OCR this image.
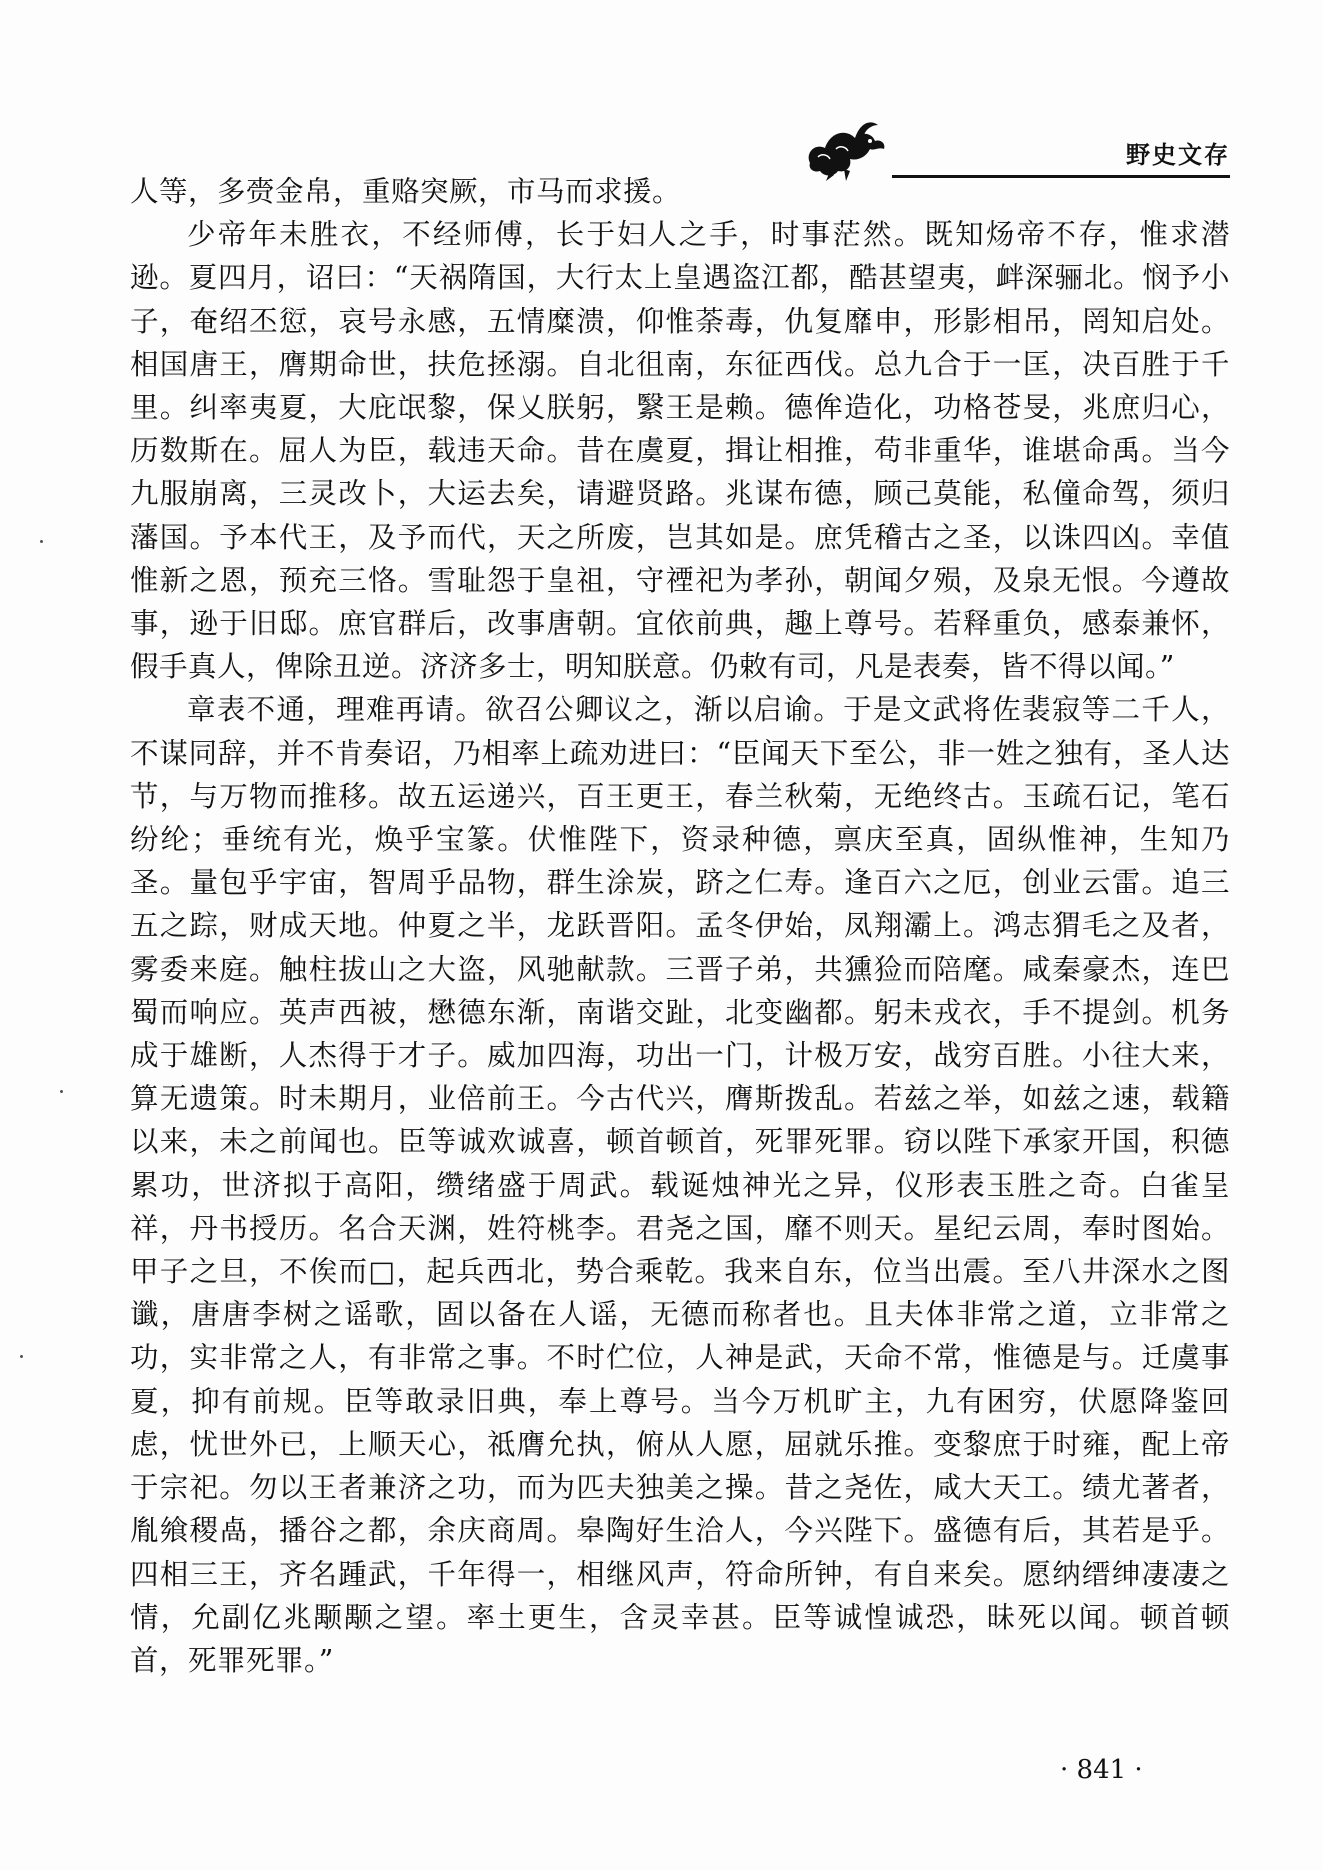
野史文存

人等，多赍金帛，重赂突厥，市马而求援。

少帝年未胜衣，不经师傅，长于妇人之手，时事茫然。既知炀帝不存，惟求潜逊。夏四月，诏曰：“天祸隋国，大行太上皇遇盗江都，酷甚望夷，衅深骊北。悯予小子，奄绍丕愆，哀号永感，五情糜溃，仰惟荼毒，仇复靡申，形影相吊，罔知启处。相国唐王，膺期命世，扶危拯溺。自北徂南，东征西伐。总九合于一匡，决百胜于千里。纠率夷夏，大庇氓黎，保乂朕躬，繄王是赖。德侔造化，功格苍旻，兆庶归心，历数斯在。屈人为臣，载违天命。昔在虞夏，揖让相推，苟非重华，谁堪命禹。当今九服崩离，三灵改卜，大运去矣，请避贤路。兆谋布德，顾己莫能，私僮命驾，须归藩国。予本代王，及予而代，天之所废，岂其如是。庶凭稽古之圣，以诛四凶。幸值惟新之恩，预充三恪。雪耻怨于皇祖，守禋祀为孝孙，朝闻夕殒，及泉无恨。今遵故事，逊于旧邸。庶官群后，改事唐朝。宜依前典，趣上尊号。若释重负，感泰兼怀，假手真人，俾除丑逆。济济多士，明知朕意。仍敕有司，凡是表奏，皆不得以闻。”

章表不通，理难再请。欲召公卿议之，渐以启谕。于是文武将佐裴寂等二千人，不谋同辞，并不肯奏诏，乃相率上疏劝进曰：“臣闻天下至公，非一姓之独有，圣人达节，与万物而推移。故五运递兴，百王更王，春兰秋菊，无绝终古。玉疏石记，笔石纷纶；垂统有光，焕乎宝篆。伏惟陛下，资录种德，禀庆至真，固纵惟神，生知乃圣。量包乎宇宙，智周乎品物，群生涂炭，跻之仁寿。逢百六之厄，创业云雷。追三五之踪，财成天地。仲夏之半，龙跃晋阳。孟冬伊始，凤翔灞上。鸿志猬毛之及者，雾委来庭。触柱拔山之大盗，风驰献款。三晋子弟，共獯猃而陪麾。咸秦豪杰，连巴蜀而响应。英声西被，懋德东渐，南谐交趾，北变幽都。躬未戎衣，手不提剑。机务成于雄断，人杰得于才子。威加四海，功出一门，计极万安，战穷百胜。小往大来，算无遗策。时未期月，业倍前王。今古代兴，膺斯拨乱。若兹之举，如兹之速，载籍以来，未之前闻也。臣等诚欢诚喜，顿首顿首，死罪死罪。窃以陛下承家开国，积德累功，世济拟于高阳，缵绪盛于周武。载诞烛神光之异，仪形表玉胜之奇。白雀呈祥，丹书授历。名合天渊，姓符桃李。君尧之国，靡不则天。星纪云周，奉时图始。甲子之旦，不俟而□，起兵西北，势合乘乾。我来自东，位当出震。至八井深水之图谶，唐唐李树之谣歌，固以备在人谣，无德而称者也。且夫体非常之道，立非常之功，实非常之人，有非常之事。不时伫位，人神是武，天命不常，惟德是与。迁虞事夏，抑有前规。臣等敢录旧典，奉上尊号。当今万机旷主，九有困穷，伏愿降鉴回虑，忧世外已，上顺天心，祗膺允执，俯从人愿，屈就乐推。变黎庶于时雍，配上帝于宗祀。勿以王者兼济之功，而为匹夫独美之操。昔之尧佐，咸大天工。绩尤著者，胤飨稷卨，播谷之都，余庆商周。皋陶好生洽人，今兴陛下。盛德有后，其若是乎。四相三王，齐名踵武，千年得一，相继风声，符命所钟，有自来矣。愿纳缙绅凄凄之情，允副亿兆颙颙之望。率土更生，含灵幸甚。臣等诚惶诚恐，昧死以闻。顿首顿首，死罪死罪。”

· 841 ·
